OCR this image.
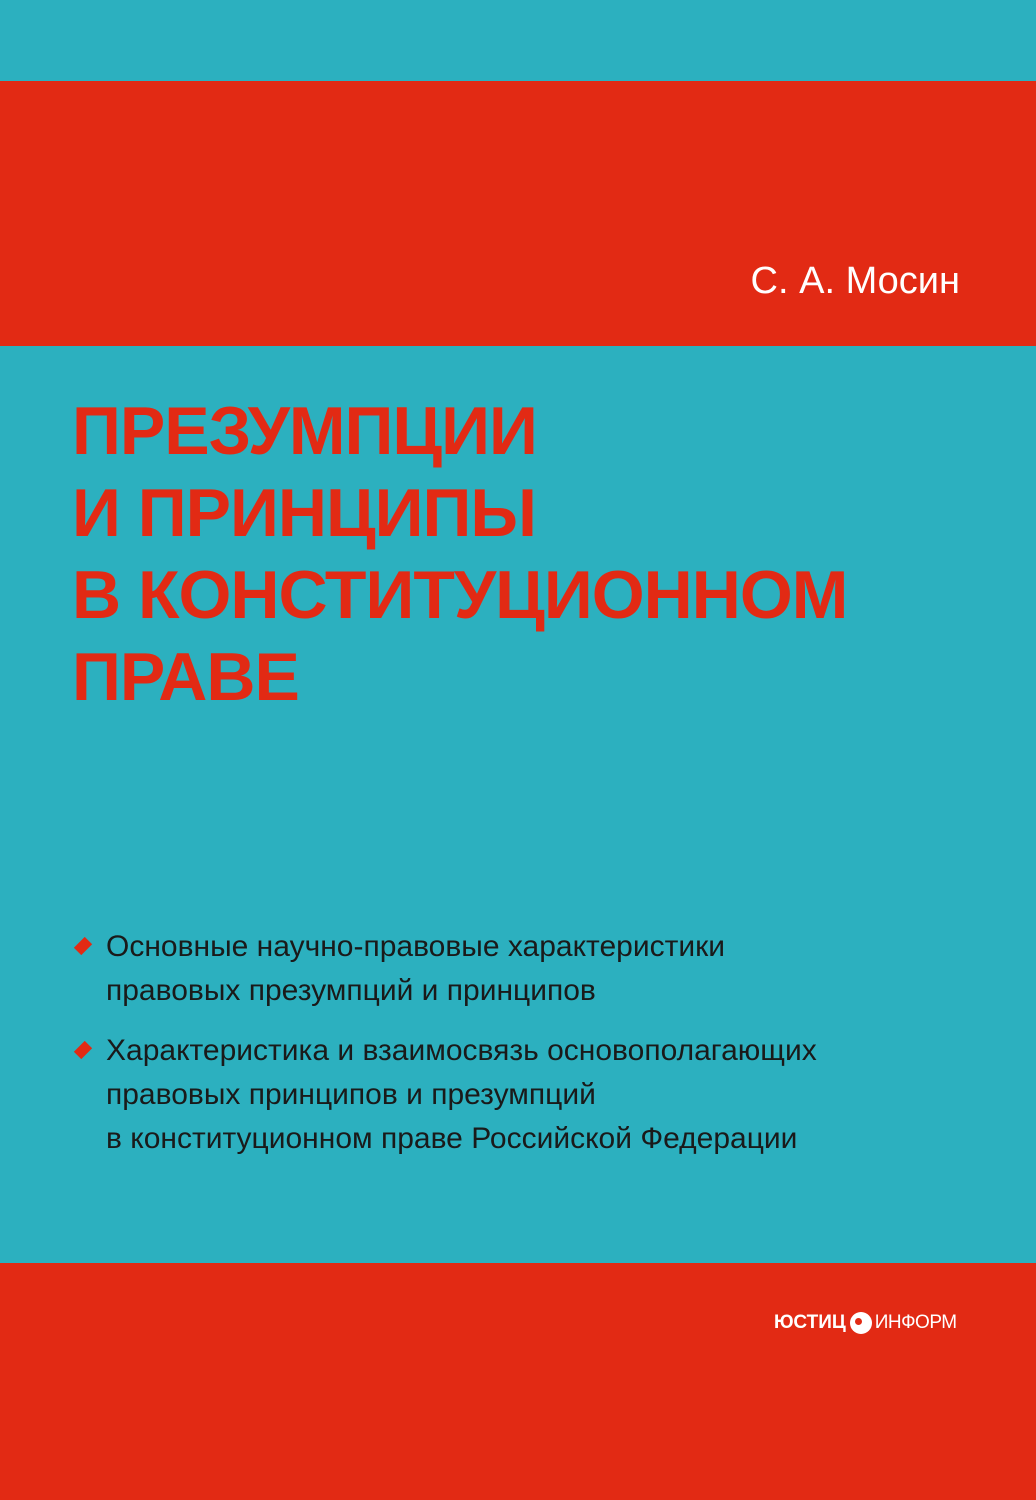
С. А. Мосин
ПРЕЗУМПЦИИ
И ПРИНЦИПЫ
В КОНСТИТУЦИОННОМ
ПРАВЕ
Основные научно-правовые характеристики
правовых презумпций и принципов
Характеристика и взаимосвязь основополагающих
правовых принципов и презумпций
в конституционном праве Российской Федерации
ЮСТИЦ ИНФОРМ
